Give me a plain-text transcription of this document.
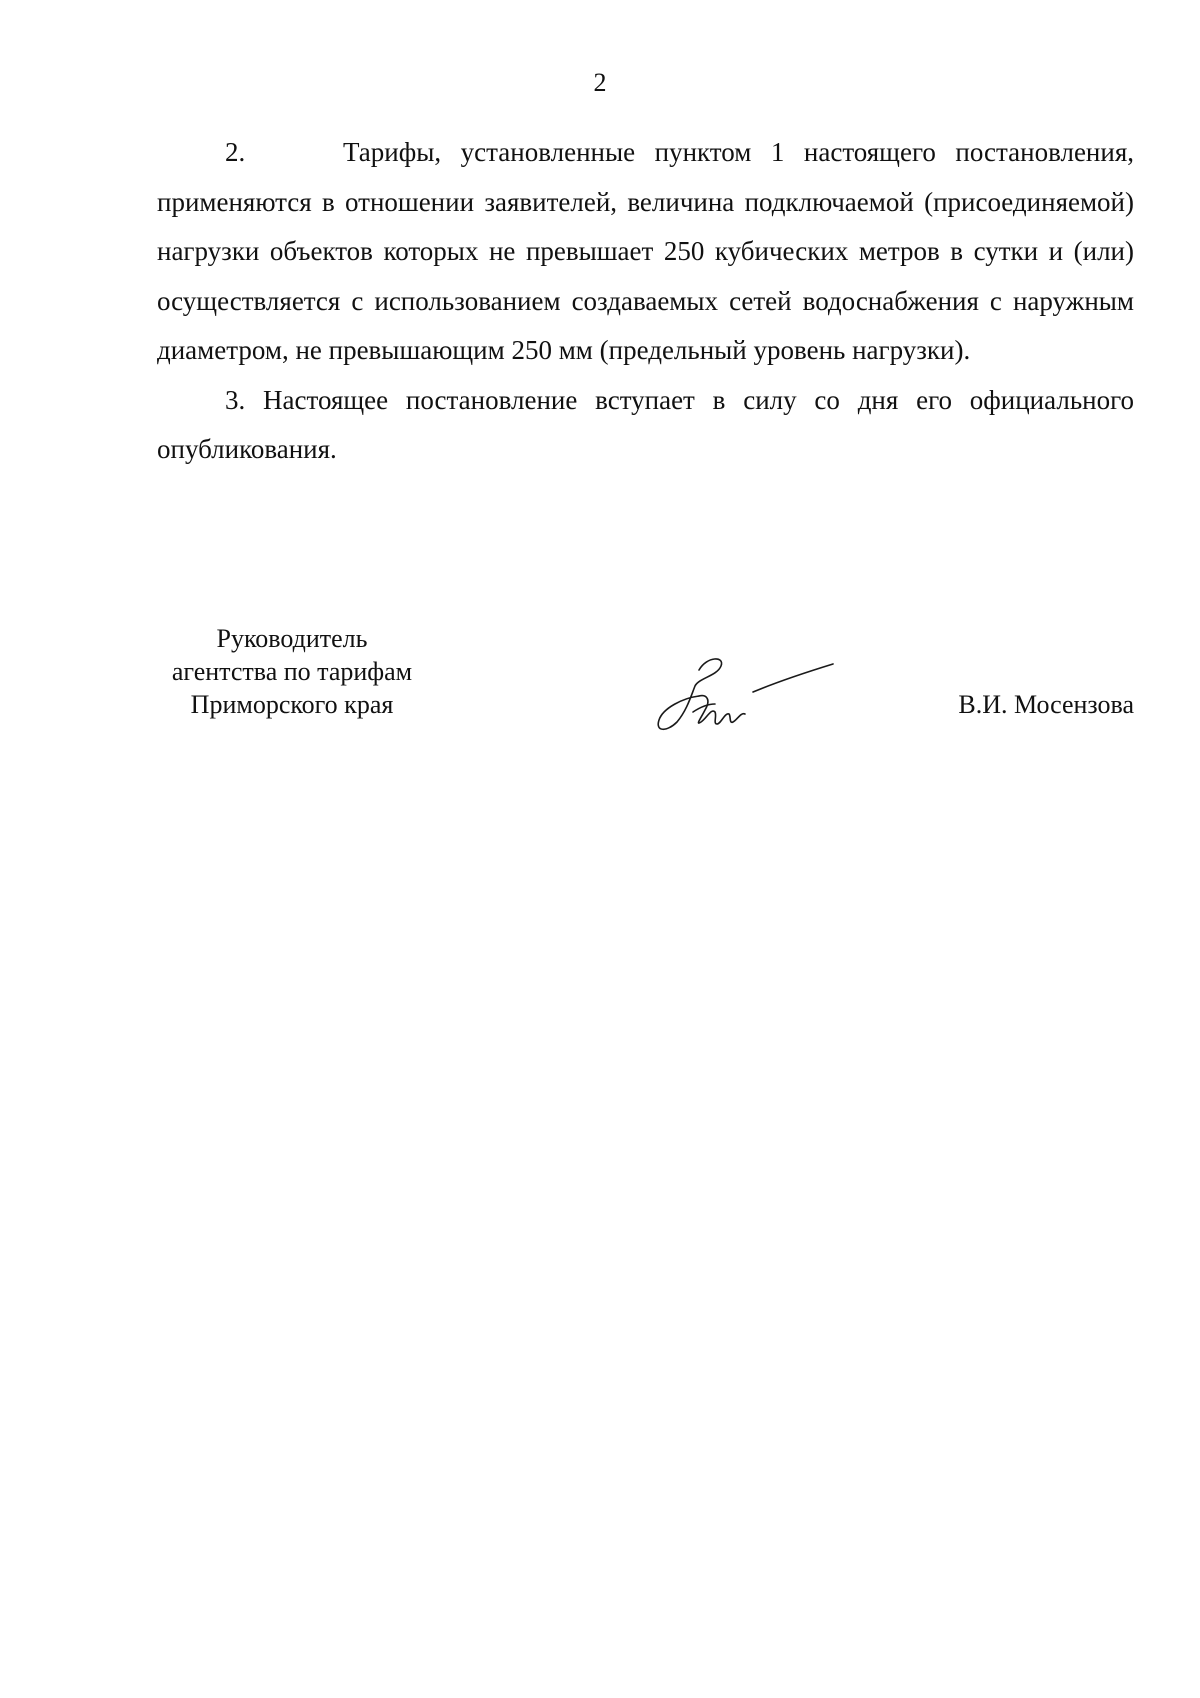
2

2.     Тарифы, установленные пунктом 1 настоящего постановления, применяются в отношении заявителей, величина подключаемой (присоединяемой) нагрузки объектов которых не превышает 250 кубических метров в сутки и (или) осуществляется с использованием создаваемых сетей водоснабжения с наружным диаметром, не превышающим 250 мм (предельный уровень нагрузки).

3. Настоящее постановление вступает в силу со дня его официального опубликования.

Руководитель
агентства по тарифам
Приморского края	В.И. Мосензова
